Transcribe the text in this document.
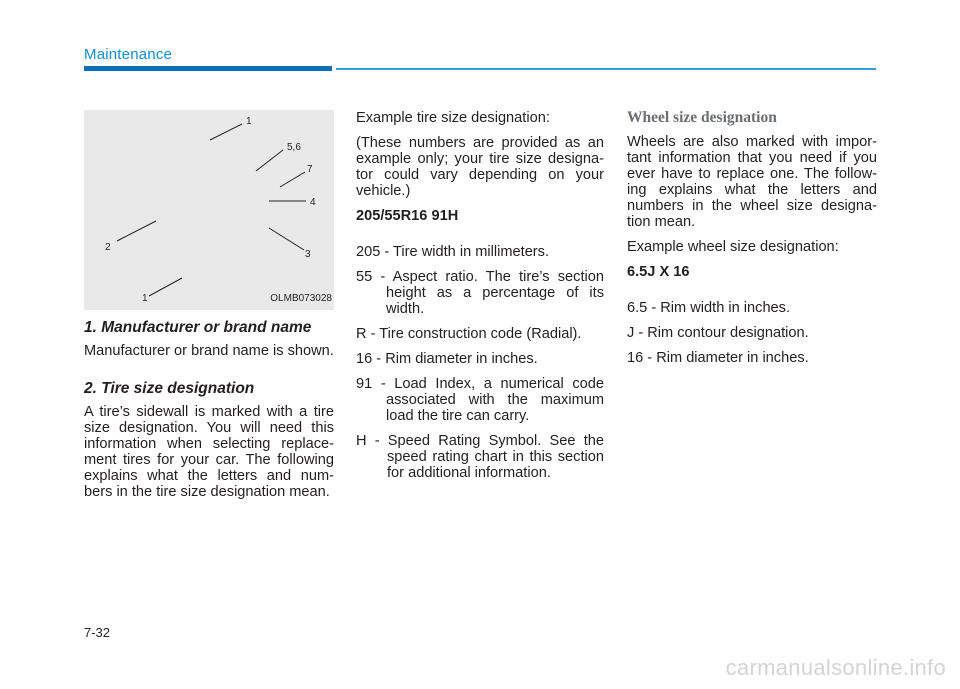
Maintenance
1
5,6
7
4
3
2
1	OLMB073028
1. Manufacturer or brand name

Manufacturer or brand name is shown.

2. Tire size designation

A tire’s sidewall is marked with a tire size designation. You will need this information when selecting replace-ment tires for your car. The following explains what the letters and num-bers in the tire size designation mean.

Example tire size designation:

(These numbers are provided as an example only; your tire size designa-tor could vary depending on your vehicle.)

205/55R16 91H

205 - Tire width in millimeters.

55 - Aspect ratio. The tire’s section height as a percentage of its width.

R - Tire construction code (Radial).

16 - Rim diameter in inches.

91 - Load Index, a numerical code associated with the maximum load the tire can carry.

H - Speed Rating Symbol. See the speed rating chart in this section for additional information.

Wheel size designation

Wheels are also marked with impor-tant information that you need if you ever have to replace one. The follow-ing explains what the letters and numbers in the wheel size designa-tion mean.

Example wheel size designation:

6.5J X 16

6.5 - Rim width in inches.

J - Rim contour designation.

16 - Rim diameter in inches.

7-32
carmanualsonline.info
